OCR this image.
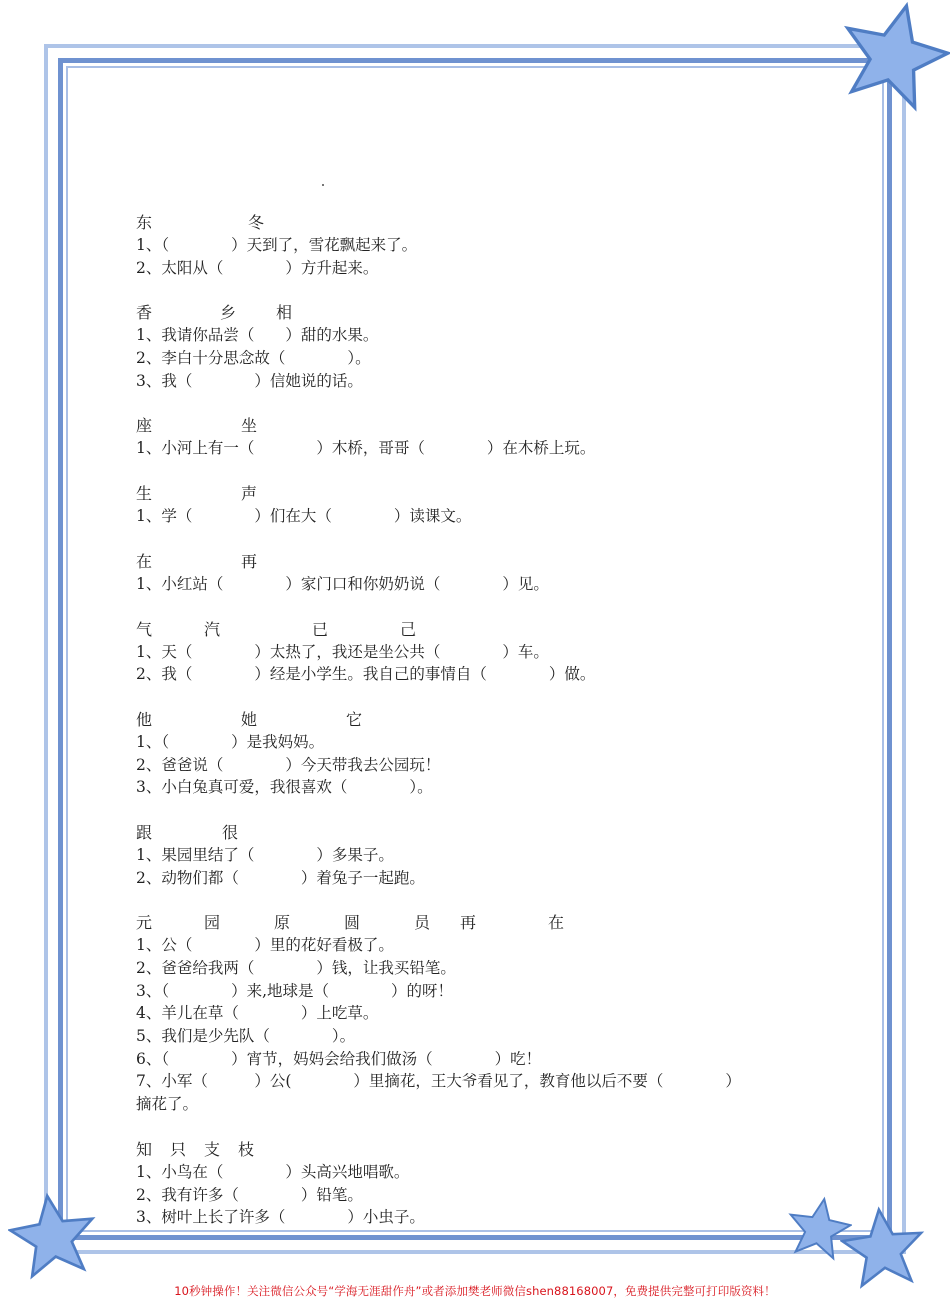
东	冬
1、（　　　　）天到了，雪花飘起来了。
2、太阳从（　　　　）方升起来。
香	乡	相
1、我请你品尝（　　）甜的水果。
2、李白十分思念故（　　　　）。
3、我（　　　　）信她说的话。
座	坐
1、小河上有一（　　　　）木桥，哥哥（　　　　）在木桥上玩。
生	声
1、学（　　　　）们在大（　　　　）读课文。
在	再
1、小红站（　　　　）家门口和你奶奶说（　　　　）见。
气	汽	已	己
1、天（　　　　）太热了，我还是坐公共（　　　　）车。
2、我（　　　　）经是小学生。我自己的事情自（　　　　）做。
他	她	它
1、（　　　　）是我妈妈。
2、爸爸说（　　　　）今天带我去公园玩！
3、小白兔真可爱，我很喜欢（　　　　）。
跟	很
1、果园里结了（　　　　）多果子。
2、动物们都（　　　　）着兔子一起跑。
元	园	原	圆	员	再	在
1、公（　　　　）里的花好看极了。
2、爸爸给我两（　　　　）钱，让我买铅笔。
3、（　　　　）来,地球是（　　　　）的呀！
4、羊儿在草（　　　　）上吃草。
5、我们是少先队（　　　　）。
6、（　　　　）宵节，妈妈会给我们做汤（　　　　）吃！
7、小军（　　　）公(　　　　）里摘花，王大爷看见了，教育他以后不要（　　　　）
摘花了。
知	只	支	枝
1、小鸟在（　　　　）头高兴地唱歌。
2、我有许多（　　　　）铅笔。
3、树叶上长了许多（　　　　）小虫子。
10秒钟操作！关注微信公众号“学海无涯甜作舟”或者添加樊老师微信shen88168007，免费提供完整可打印版资料！
